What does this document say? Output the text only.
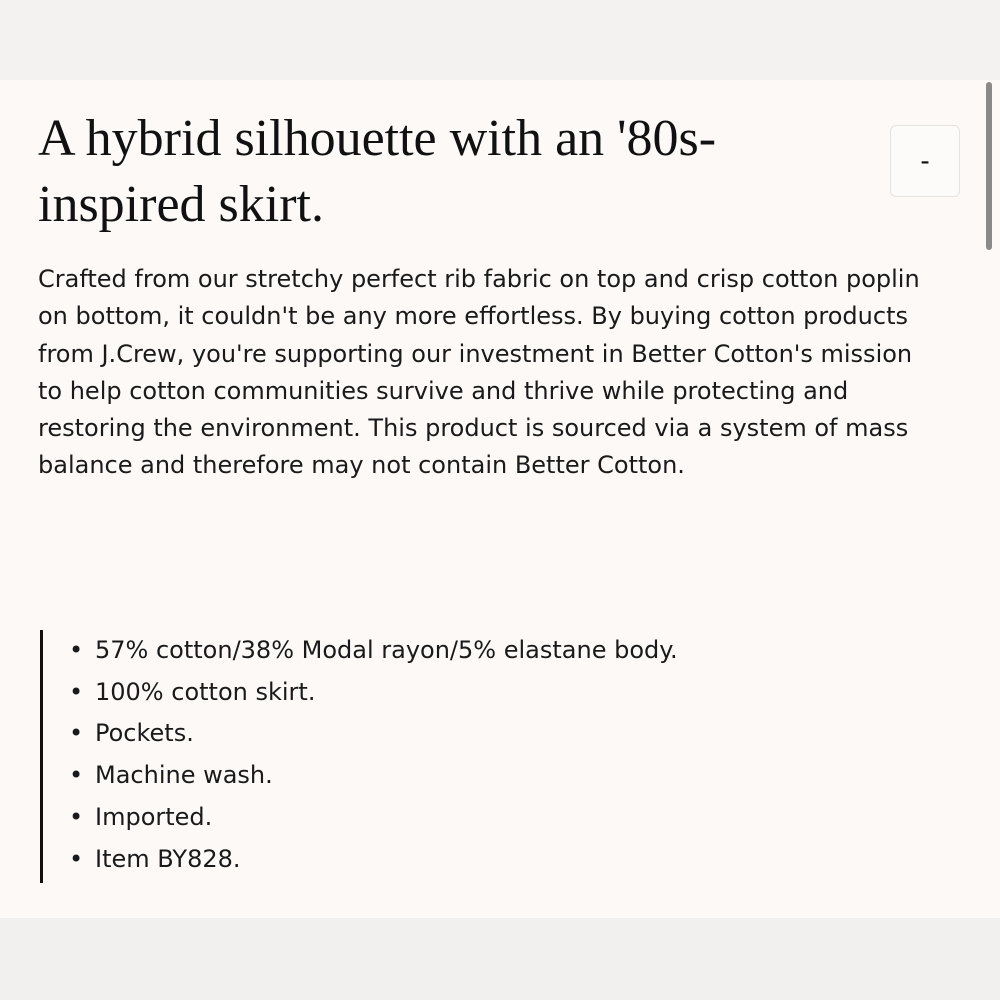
A hybrid silhouette with an '80s-inspired skirt.
-

Crafted from our stretchy perfect rib fabric on top and crisp cotton poplin on bottom, it couldn't be any more effortless. By buying cotton products from J.Crew, you're supporting our investment in Better Cotton's mission to help cotton communities survive and thrive while protecting and restoring the environment. This product is sourced via a system of mass balance and therefore may not contain Better Cotton.

• 57% cotton/38% Modal rayon/5% elastane body.
• 100% cotton skirt.
• Pockets.
• Machine wash.
• Imported.
• Item BY828.
